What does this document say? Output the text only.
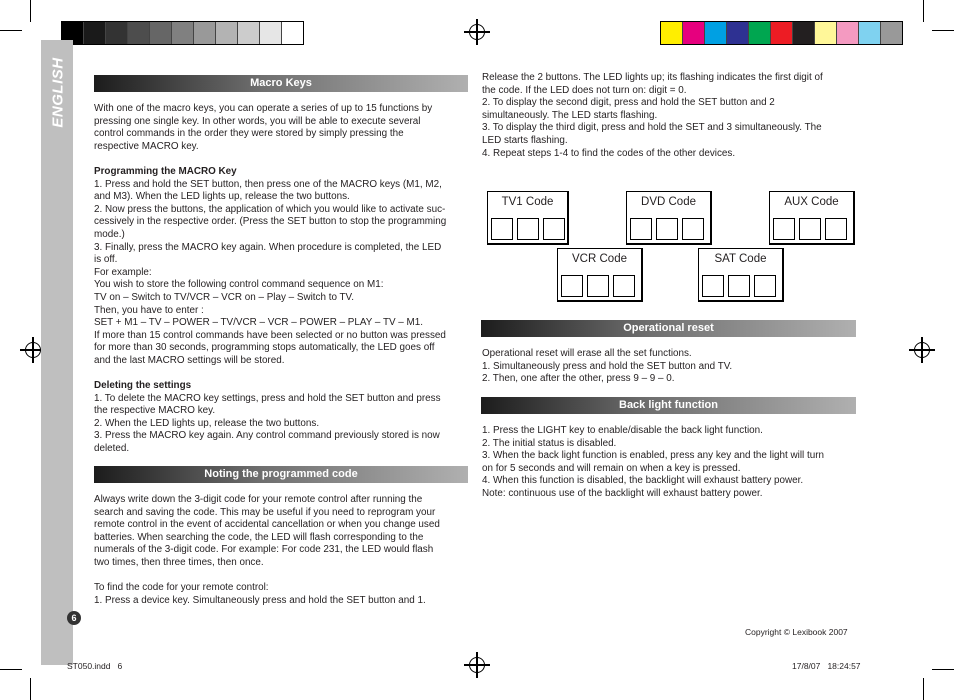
ENGLISH	Macro Keys

With one of the macro keys, you can operate a series of up to 15 functions by

pressing one single key. In other words, you will be able to execute several

control commands in the order they were stored by simply pressing the

respective MACRO key.

Programming the MACRO Key

1. Press and hold the SET button, then press one of the MACRO keys (M1, M2,

and M3). When the LED lights up, release the two buttons.

2. Now press the buttons, the application of which you would like to activate suc-

cessively in the respective order. (Press the SET button to stop the programming

mode.)

3. Finally, press the MACRO key again. When procedure is completed, the LED

is off.

For example:

You wish to store the following control command sequence on M1:

TV on – Switch to TV/VCR – VCR on – Play – Switch to TV.

Then, you have to enter :

SET + M1 – TV – POWER – TV/VCR – VCR – POWER – PLAY – TV – M1.

If more than 15 control commands have been selected or no button was pressed

for more than 30 seconds, programming stops automatically, the LED goes off

and the last MACRO settings will be stored.

Deleting the settings

1. To delete the MACRO key settings, press and hold the SET button and press

the respective MACRO key.

2. When the LED lights up, release the two buttons.

3. Press the MACRO key again. Any control command previously stored is now

deleted.

Noting the programmed code

Always write down the 3-digit code for your remote control after running the

search and saving the code. This may be useful if you need to reprogram your

remote control in the event of accidental cancellation or when you change used

batteries. When searching the code, the LED will flash corresponding to the

numerals of the 3-digit code. For example: For code 231, the LED would flash

two times, then three times, then once.

To find the code for your remote control:

1. Press a device key. Simultaneously press and hold the SET button and 1.

Release the 2 buttons. The LED lights up; its flashing indicates the first digit of

the code. If the LED does not turn on: digit = 0.

2. To display the second digit, press and hold the SET button and 2

simultaneously. The LED starts flashing.

3. To display the third digit, press and hold the SET and 3 simultaneously. The

LED starts flashing.

4. Repeat steps 1-4 to find the codes of the other devices.

TV1 Code	DVD Code	AUX Code
VCR Code	SAT Code
Operational reset

Operational reset will erase all the set functions.

1. Simultaneously press and hold the SET button and TV.

2. Then, one after the other, press 9 – 9 – 0.

Back light function

1. Press the LIGHT key to enable/disable the back light function.

2. The initial status is disabled.

3. When the back light function is enabled, press any key and the light will turn

on for 5 seconds and will remain on when a key is pressed.

4. When this function is disabled, the backlight will exhaust battery power.

Note: continuous use of the backlight will exhaust battery power.

6
Copyright © Lexibook 2007
ST050.indd   6	17/8/07   18:24:57
